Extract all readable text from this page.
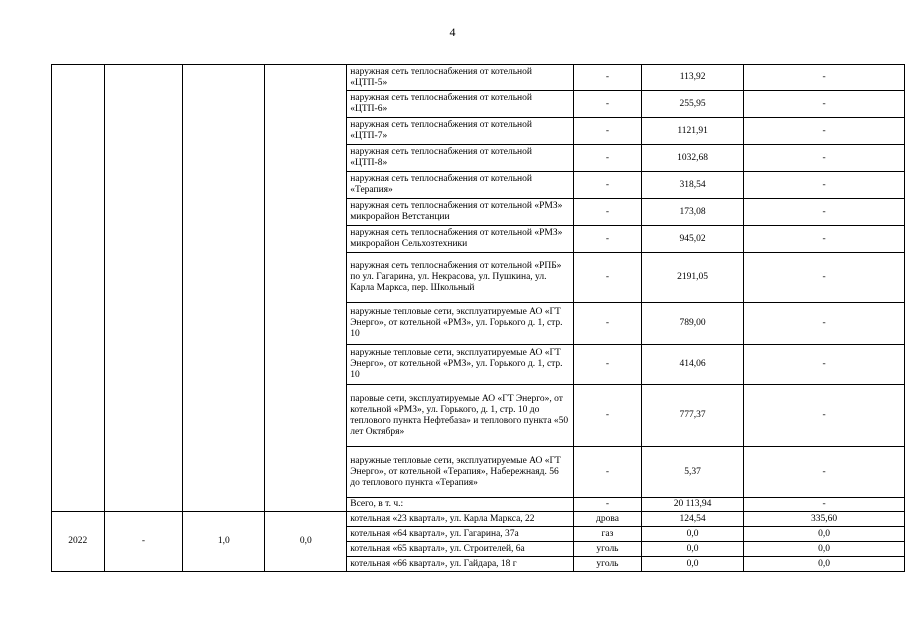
4
				наружная сеть теплоснабжения от котельной «ЦТП-5»	-	113,92	-
				наружная сеть теплоснабжения от котельной «ЦТП-6»	-	255,95	-
				наружная сеть теплоснабжения от котельной «ЦТП-7»	-	1121,91	-
				наружная сеть теплоснабжения от котельной «ЦТП-8»	-	1032,68	-
				наружная сеть теплоснабжения от котельной «Терапия»	-	318,54	-
				наружная сеть теплоснабжения от котельной «РМЗ» микрорайон Ветстанции	-	173,08	-
				наружная сеть теплоснабжения от котельной «РМЗ» микрорайон Сельхозтехники	-	945,02	-
				наружная сеть теплоснабжения от котельной «РПБ» по ул. Гагарина, ул. Некрасова, ул. Пушкина, ул. Карла Маркса, пер. Школьный	-	2191,05	-
				наружные тепловые сети, эксплуатируемые АО «ГТ Энерго», от котельной «РМЗ», ул. Горького д. 1, стр. 10	-	789,00	-
				наружные тепловые сети, эксплуатируемые АО «ГТ Энерго», от котельной «РМЗ», ул. Горького д. 1, стр. 10	-	414,06	-
				паровые сети, эксплуатируемые АО «ГТ Энерго», от котельной «РМЗ», ул. Горького, д. 1, стр. 10 до теплового пункта Нефтебаза» и теплового пункта «50 лет Октября»	-	777,37	-
				наружные тепловые сети, эксплуатируемые АО «ГТ Энерго», от котельной «Терапия», Набережнаяд. 56 до теплового пункта «Терапия»	-	5,37	-
				Всего, в т. ч.:	-	20 113,94	-
2022	-	1,0	0,0	котельная «23 квартал», ул. Карла Маркса, 22	дрова	124,54	335,60
				котельная «64 квартал», ул. Гагарина, 37а	газ	0,0	0,0
				котельная «65 квартал», ул. Строителей, 6а	уголь	0,0	0,0
				котельная «66 квартал», ул. Гайдара, 18 г	уголь	0,0	0,0
